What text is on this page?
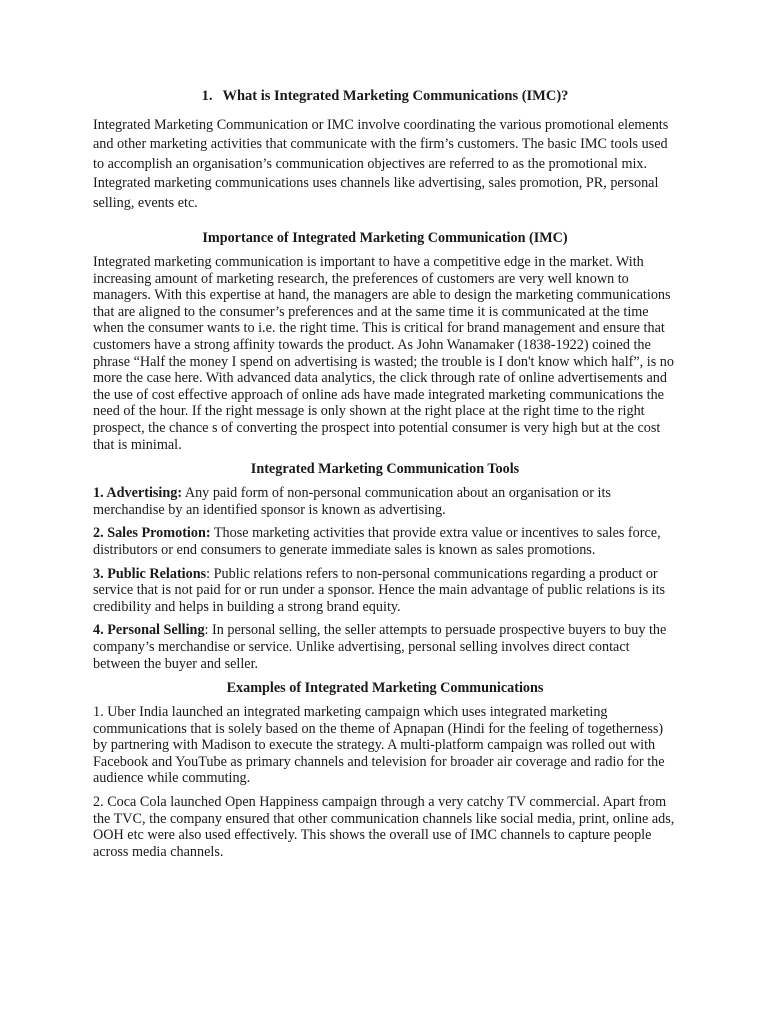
1. What is Integrated Marketing Communications (IMC)?

Integrated Marketing Communication or IMC involve coordinating the various promotional elements and other marketing activities that communicate with the firm’s customers. The basic IMC tools used to accomplish an organisation’s communication objectives are referred to as the promotional mix. Integrated marketing communications uses channels like advertising, sales promotion, PR, personal selling, events etc.

Importance of Integrated Marketing Communication (IMC)

Integrated marketing communication is important to have a competitive edge in the market. With increasing amount of marketing research, the preferences of customers are very well known to managers. With this expertise at hand, the managers are able to design the marketing communications that are aligned to the consumer’s preferences and at the same time it is communicated at the time when the consumer wants to i.e. the right time. This is critical for brand management and ensure that customers have a strong affinity towards the product. As John Wanamaker (1838-1922) coined the phrase “Half the money I spend on advertising is wasted; the trouble is I don't know which half”, is no more the case here. With advanced data analytics, the click through rate of online advertisements and the use of cost effective approach of online ads have made integrated marketing communications the need of the hour. If the right message is only shown at the right place at the right time to the right prospect, the chance s of converting the prospect into potential consumer is very high but at the cost that is minimal.

Integrated Marketing Communication Tools

1. Advertising: Any paid form of non-personal communication about an organisation or its merchandise by an identified sponsor is known as advertising.

2. Sales Promotion: Those marketing activities that provide extra value or incentives to sales force, distributors or end consumers to generate immediate sales is known as sales promotions.

3. Public Relations: Public relations refers to non-personal communications regarding a product or service that is not paid for or run under a sponsor. Hence the main advantage of public relations is its credibility and helps in building a strong brand equity.

4. Personal Selling: In personal selling, the seller attempts to persuade prospective buyers to buy the company’s merchandise or service. Unlike advertising, personal selling involves direct contact between the buyer and seller.

Examples of Integrated Marketing Communications

1. Uber India launched an integrated marketing campaign which uses integrated marketing communications that is solely based on the theme of Apnapan (Hindi for the feeling of togetherness) by partnering with Madison to execute the strategy. A multi-platform campaign was rolled out with Facebook and YouTube as primary channels and television for broader air coverage and radio for the audience while commuting.

2. Coca Cola launched Open Happiness campaign through a very catchy TV commercial. Apart from the TVC, the company ensured that other communication channels like social media, print, online ads, OOH etc were also used effectively. This shows the overall use of IMC channels to capture people across media channels.
